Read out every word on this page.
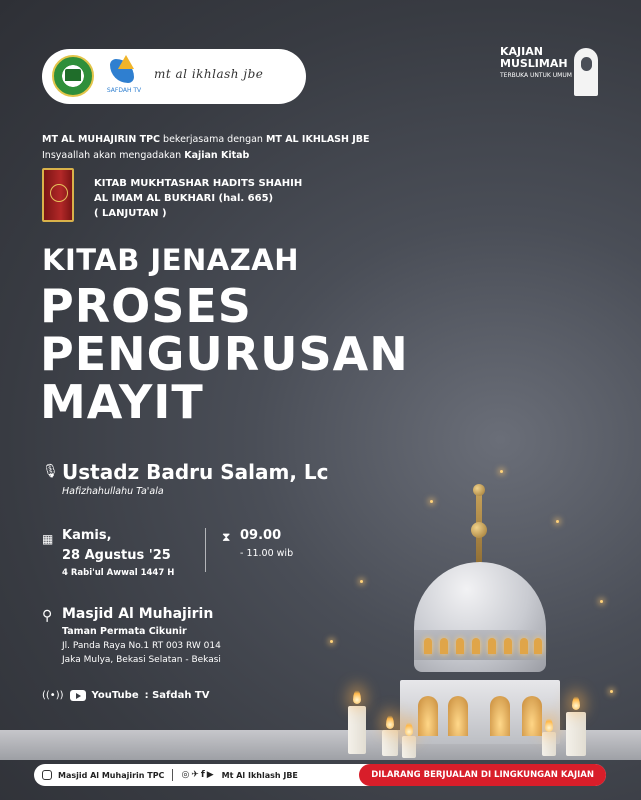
SAFDAH TV
mt al ikhlash jbe
KAJIAN
MUSLIMAH
TERBUKA UNTUK UMUM
MT AL MUHAJIRIN TPC bekerjasama dengan MT AL IKHLASH JBE
Insyaallah akan mengadakan Kajian Kitab
KITAB MUKHTASHAR HADITS SHAHIH
AL IMAM AL BUKHARI (hal. 665)
( LANJUTAN )
KITAB JENAZAH
PROSES
PENGURUSAN
MAYIT
🎙 Ustadz Badru Salam, Lc
Hafizhahullahu Ta'ala
▦ Kamis,
28 Agustus '25
4 Rabi'ul Awwal 1447 H
⧗ 09.00
- 11.00 wib
⚲ Masjid Al Muhajirin
Taman Permata Cikunir
Jl. Panda Raya No.1 RT 003 RW 014
Jaka Mulya, Bekasi Selatan - Bekasi
((•))	YouTube : Safdah TV
Masjid Al Muhajirin TPC ◎✈f▶ Mt Al Ikhlash JBE	DILARANG BERJUALAN DI LINGKUNGAN KAJIAN
